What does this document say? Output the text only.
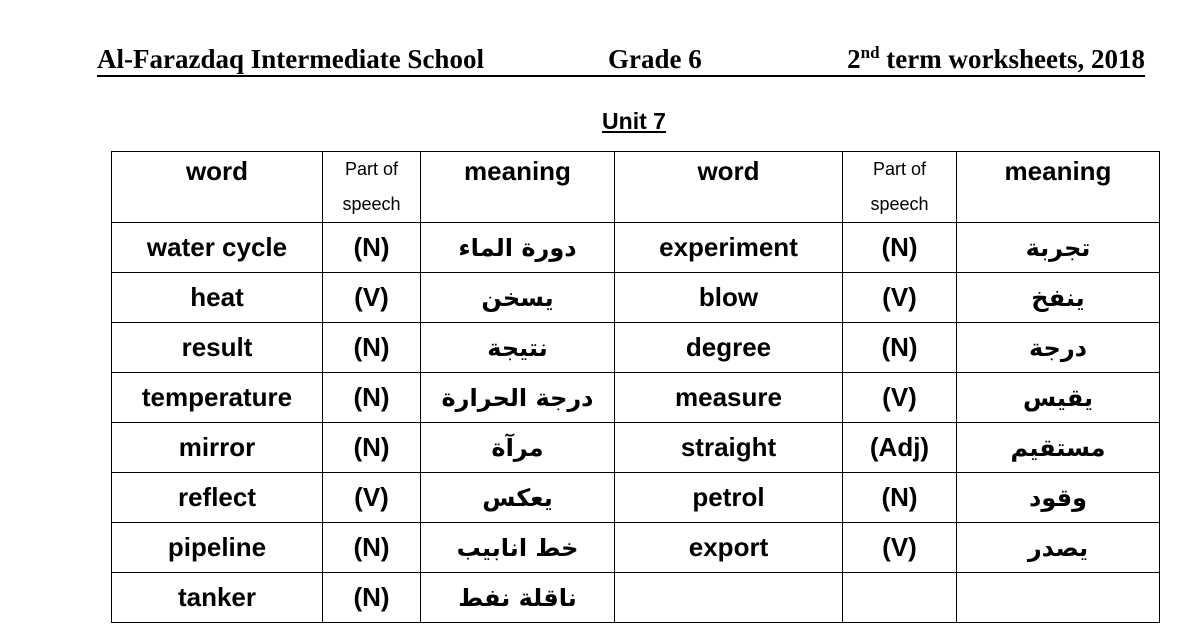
Al-Farazdaq Intermediate School	Grade 6	2nd term worksheets, 2018
Unit 7
word	Part of speech	meaning	word	Part of speech	meaning
water cycle	(N)	دورة الماء	experiment	(N)	تجربة
heat	(V)	يسخن	blow	(V)	ينفخ
result	(N)	نتيجة	degree	(N)	درجة
temperature	(N)	درجة الحرارة	measure	(V)	يقيس
mirror	(N)	مرآة	straight	(Adj)	مستقيم
reflect	(V)	يعكس	petrol	(N)	وقود
pipeline	(N)	خط انابيب	export	(V)	يصدر
tanker	(N)	ناقلة نفط			
